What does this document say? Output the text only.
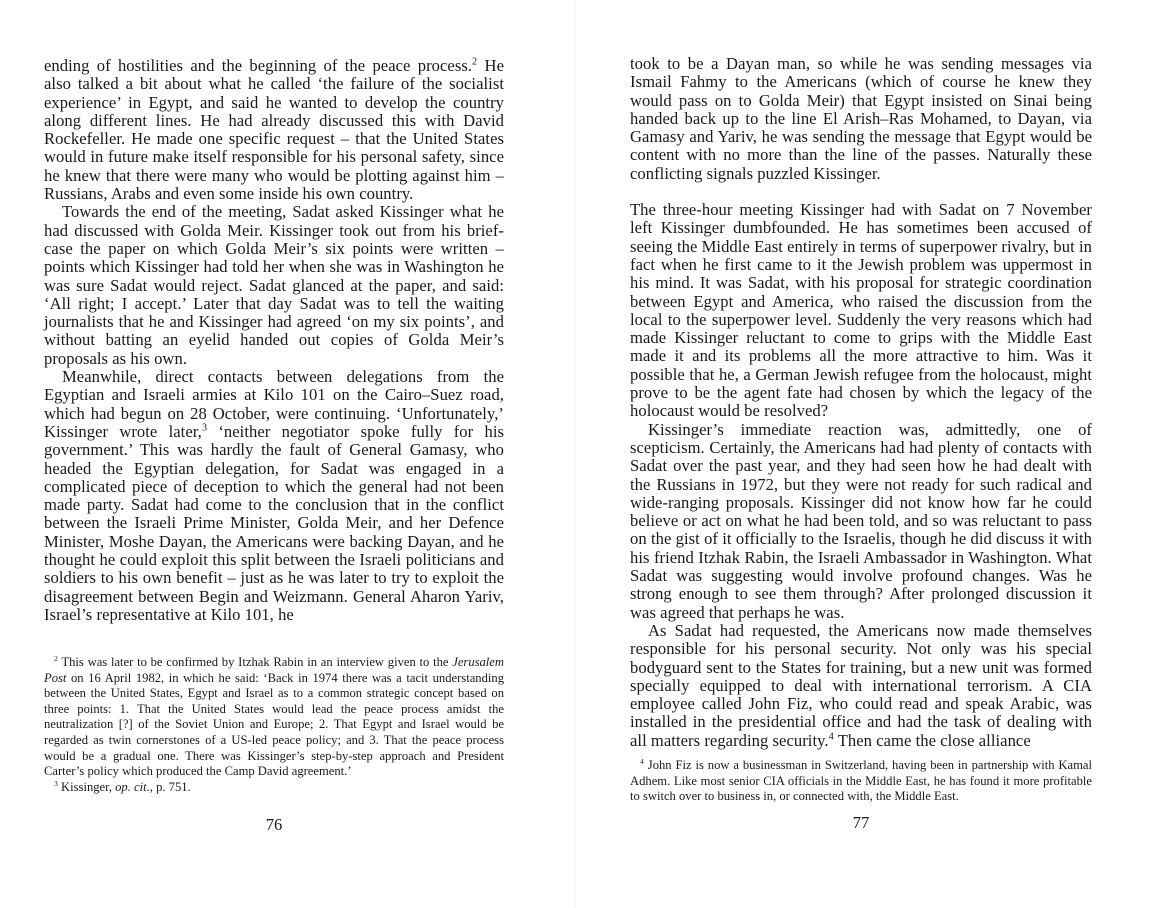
ending of hostilities and the beginning of the peace process.$^2$ He also talked a bit about what he called ‘the failure of the socialist experience’ in Egypt, and said he wanted to develop the country along different lines. He had already discussed this with David Rockefeller. He made one specific request – that the United States would in future make itself responsible for his personal safety, since he knew that there were many who would be plotting against him – Russians, Arabs and even some inside his own country.

Towards the end of the meeting, Sadat asked Kissinger what he had discussed with Golda Meir. Kissinger took out from his brief-case the paper on which Golda Meir’s six points were written – points which Kissinger had told her when she was in Washington he was sure Sadat would reject. Sadat glanced at the paper, and said: ‘All right; I accept.’ Later that day Sadat was to tell the waiting journalists that he and Kissinger had agreed ‘on my six points’, and without batting an eyelid handed out copies of Golda Meir’s proposals as his own.

Meanwhile, direct contacts between delegations from the Egyptian and Israeli armies at Kilo 101 on the Cairo–Suez road, which had begun on 28 October, were continuing. ‘Unfortunately,’ Kissinger wrote later,$^3$ ‘neither negotiator spoke fully for his government.’ This was hardly the fault of General Gamasy, who headed the Egyptian delegation, for Sadat was engaged in a complicated piece of deception to which the general had not been made party. Sadat had come to the conclusion that in the conflict between the Israeli Prime Minister, Golda Meir, and her Defence Minister, Moshe Dayan, the Americans were backing Dayan, and he thought he could exploit this split between the Israeli politicians and soldiers to his own benefit – just as he was later to try to exploit the disagreement between Begin and Weizmann. General Aharon Yariv, Israel’s representative at Kilo 101, he

$^2$ This was later to be confirmed by Itzhak Rabin in an interview given to the Jerusalem Post on 16 April 1982, in which he said: ‘Back in 1974 there was a tacit understanding between the United States, Egypt and Israel as to a common strategic concept based on three points: 1. That the United States would lead the peace process amidst the neutralization [?] of the Soviet Union and Europe; 2. That Egypt and Israel would be regarded as twin cornerstones of a US-led peace policy; and 3. That the peace process would be a gradual one. There was Kissinger’s step-by-step approach and President Carter’s policy which produced the Camp David agreement.’

$^3$ Kissinger, op. cit., p. 751.

76

took to be a Dayan man, so while he was sending messages via Ismail Fahmy to the Americans (which of course he knew they would pass on to Golda Meir) that Egypt insisted on Sinai being handed back up to the line El Arish–Ras Mohamed, to Dayan, via Gamasy and Yariv, he was sending the message that Egypt would be content with no more than the line of the passes. Naturally these conflicting signals puzzled Kissinger.

The three-hour meeting Kissinger had with Sadat on 7 November left Kissinger dumbfounded. He has sometimes been accused of seeing the Middle East entirely in terms of superpower rivalry, but in fact when he first came to it the Jewish problem was uppermost in his mind. It was Sadat, with his proposal for strategic coordination between Egypt and America, who raised the discussion from the local to the superpower level. Suddenly the very reasons which had made Kissinger reluctant to come to grips with the Middle East made it and its problems all the more attractive to him. Was it possible that he, a German Jewish refugee from the holocaust, might prove to be the agent fate had chosen by which the legacy of the holocaust would be resolved?

Kissinger’s immediate reaction was, admittedly, one of scepticism. Certainly, the Americans had had plenty of contacts with Sadat over the past year, and they had seen how he had dealt with the Russians in 1972, but they were not ready for such radical and wide-ranging proposals. Kissinger did not know how far he could believe or act on what he had been told, and so was reluctant to pass on the gist of it officially to the Israelis, though he did discuss it with his friend Itzhak Rabin, the Israeli Ambassador in Washington. What Sadat was suggesting would involve profound changes. Was he strong enough to see them through? After prolonged discussion it was agreed that perhaps he was.

As Sadat had requested, the Americans now made themselves responsible for his personal security. Not only was his special bodyguard sent to the States for training, but a new unit was formed specially equipped to deal with international terrorism. A CIA employee called John Fiz, who could read and speak Arabic, was installed in the presidential office and had the task of dealing with all matters regarding security.$^4$ Then came the close alliance

$^4$ John Fiz is now a businessman in Switzerland, having been in partnership with Kamal Adhem. Like most senior CIA officials in the Middle East, he has found it more profitable to switch over to business in, or connected with, the Middle East.

77
